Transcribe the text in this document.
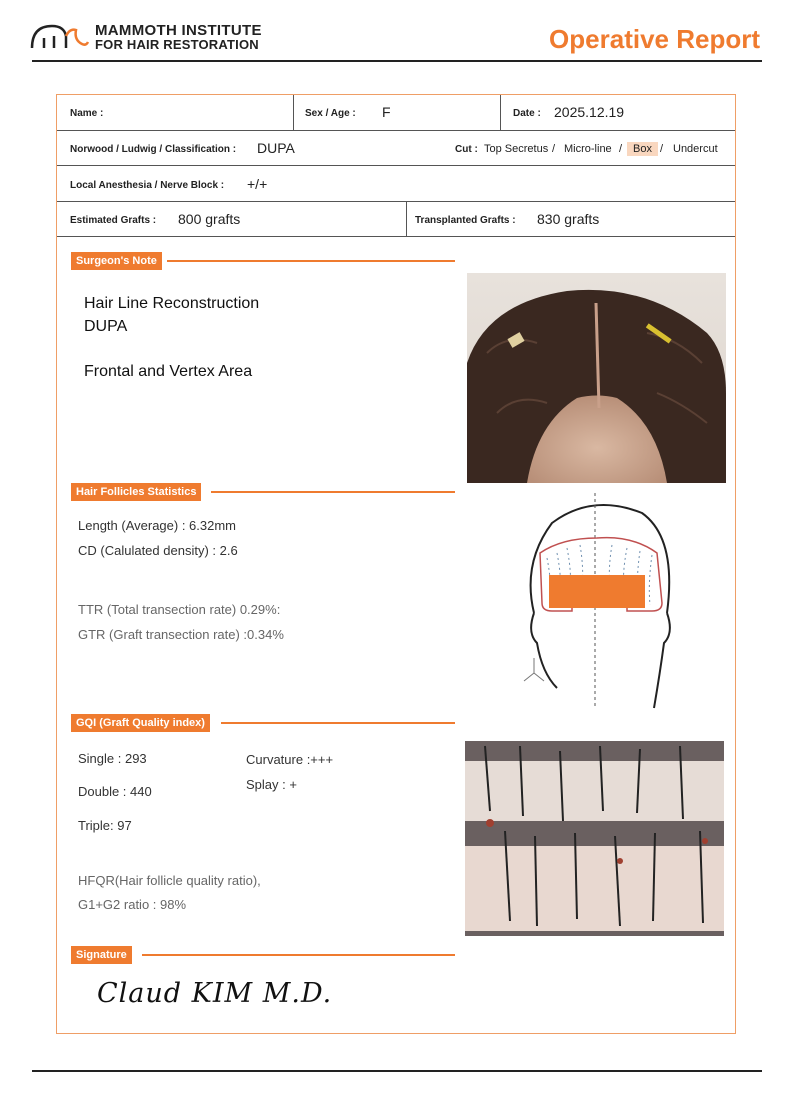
MAMMOTH INSTITUTE
FOR HAIR RESTORATION	Operative Report
Name :	Sex / Age : F	Date : 2025.12.19
Norwood / Ludwig / Classification : DUPA	Cut : Top Secretus / Micro-line / Box / Undercut
Local Anesthesia / Nerve Block : +/+
Estimated Grafts : 800 grafts	Transplanted Grafts : 830 grafts
Surgeon's Note
Hair Line Reconstruction
DUPA
Frontal and Vertex Area
Hair Follicles Statistics
Length (Average) : 6.32mm
CD (Calulated density) : 2.6
TTR (Total transection rate) 0.29%:
GTR (Graft transection rate) :0.34%
GQI (Graft Quality index)
Single : 293
Double : 440
Triple: 97
Curvature :+++
Splay : +
HFQR(Hair follicle quality ratio),
G1+G2 ratio : 98%
Signature
Claud KIM M.D.
